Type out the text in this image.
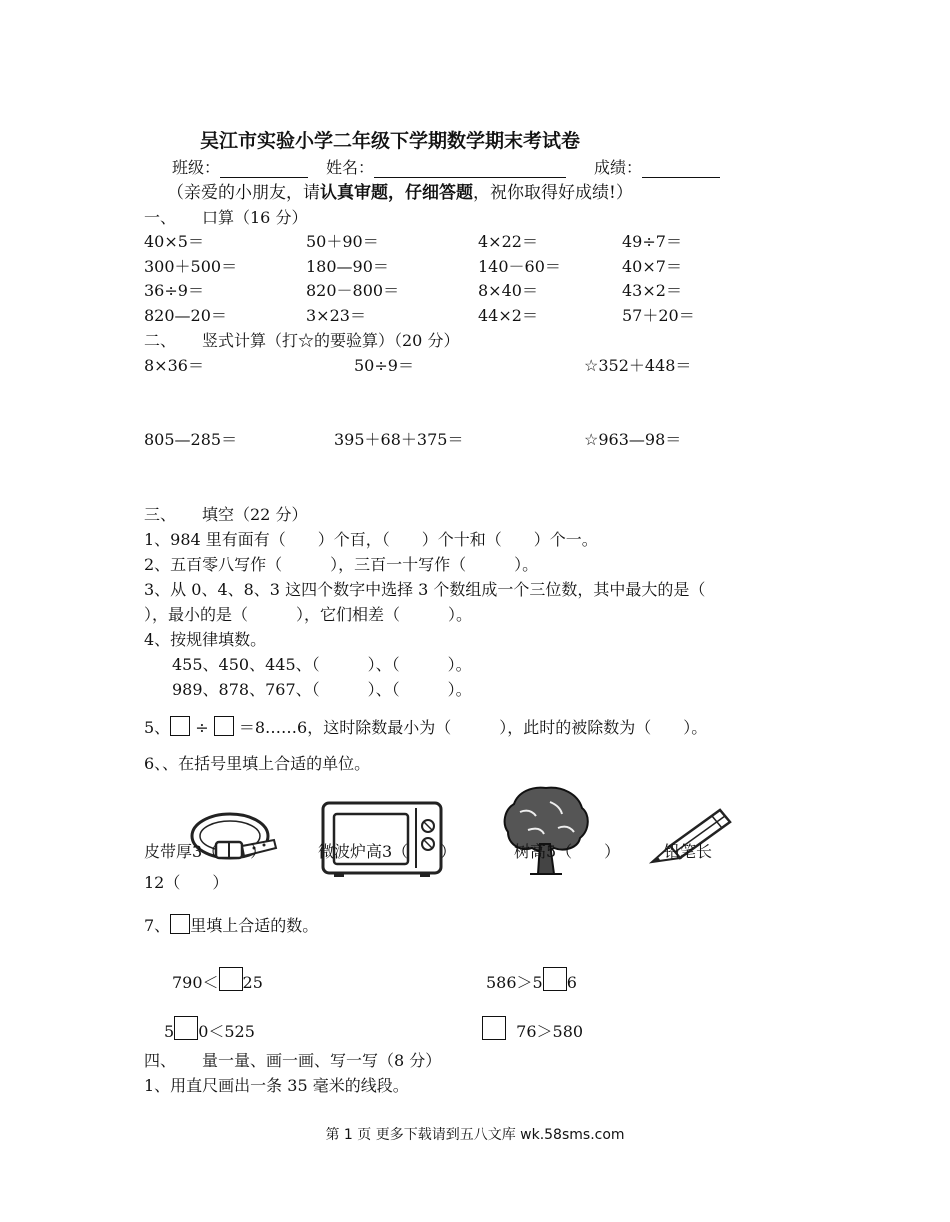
吴江市实验小学二年级下学期数学期末考试卷
班级：	姓名：	成绩：
（亲爱的小朋友，请认真审题，仔细答题，祝你取得好成绩!）
一、 口算（16 分）
40×5＝	50＋90＝	4×22＝	49÷7＝
300＋500＝	180—90＝	140－60＝	40×7＝
36÷9＝	820－800＝	8×40＝	43×2＝
820—20＝	3×23＝	44×2＝	57＋20＝
二、 竖式计算（打☆的要验算）（20 分）
8×36＝	50÷9＝	☆352＋448＝
805—285＝	395＋68＋375＝	☆963—98＝
三、 填空（22 分）
1、984 里有面有（　　）个百，（　　）个十和（　　）个一。
2、五百零八写作（　　　），三百一十写作（　　　）。
3、从 0、4、8、3 这四个数字中选择 3 个数组成一个三位数，其中最大的是（
），最小的是（　　　），它们相差（　　　）。
4、按规律填数。
455、450、445、（　　　）、（　　　）。
989、878、767、（　　　）、（　　　）。
5、 ÷ ＝8……6，这时除数最小为（　　　），此时的被除数为（　　）。
6、、在括号里填上合适的单位。
皮带厚3（　　）	微波炉高3（　　）	树高5（　　）	铅笔长
12（　　）
7、 里填上合适的数。
790＜ 25	586＞5 6
5 0＜525	76＞580
四、 量一量、画一画、写一写（8 分）
1、用直尺画出一条 35 毫米的线段。
第 1 页 更多下载请到五八文库 wk.58sms.com
